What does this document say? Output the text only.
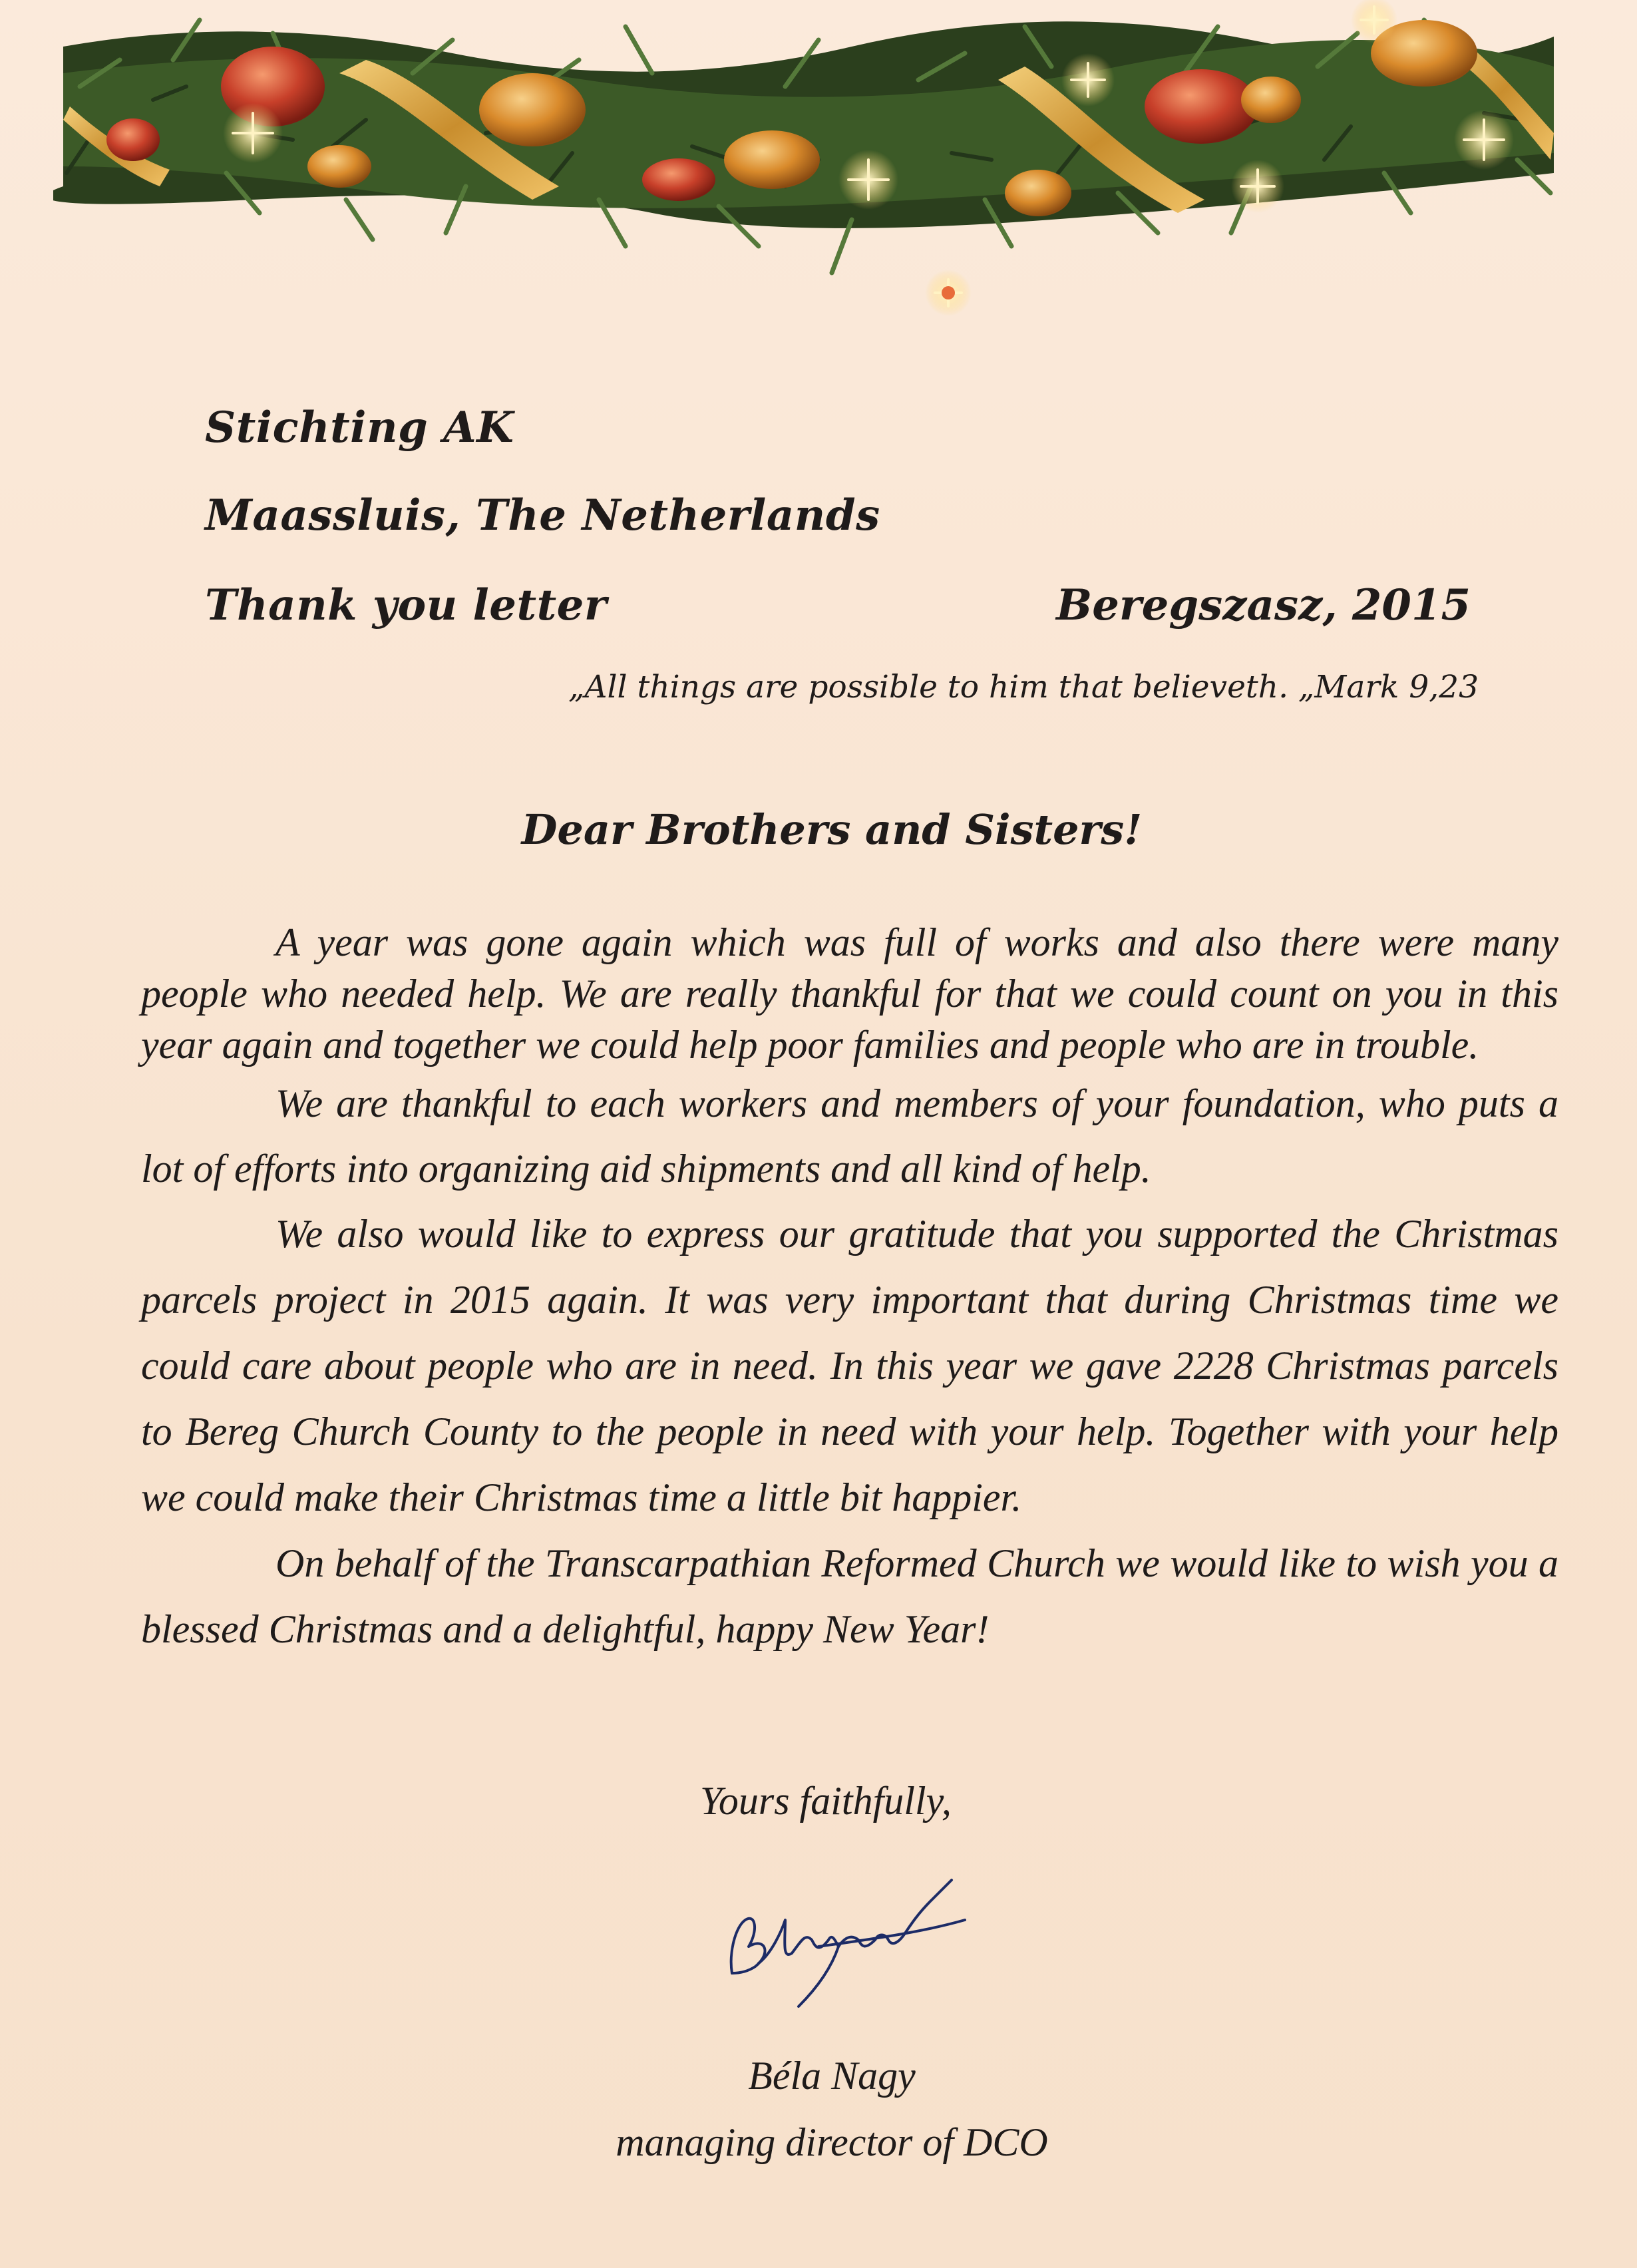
Stichting AK
Maassluis, The Netherlands
Thank you letter	Beregszasz, 2015
„All things are possible to him that believeth. „Mark 9,23
Dear Brothers and Sisters!

A year was gone again which was full of works and also there were many people who needed help. We are really thankful for that we could count on you in this year again and together we could help poor families and people who are in trouble.

We are thankful to each workers and members of your foundation, who puts a lot of efforts into organizing aid shipments and all kind of help.

We also would like to express our gratitude that you supported the Christmas parcels project in 2015 again. It was very important that during Christmas time we could care about people who are in need. In this year we gave 2228 Christmas parcels to Bereg Church County to the people in need with your help. Together with your help we could make their Christmas time a little bit happier.

On behalf of the Transcarpathian Reformed Church we would like to wish you a blessed Christmas and a delightful, happy New Year!

Yours faithfully,
Béla Nagy
managing director of DCO
